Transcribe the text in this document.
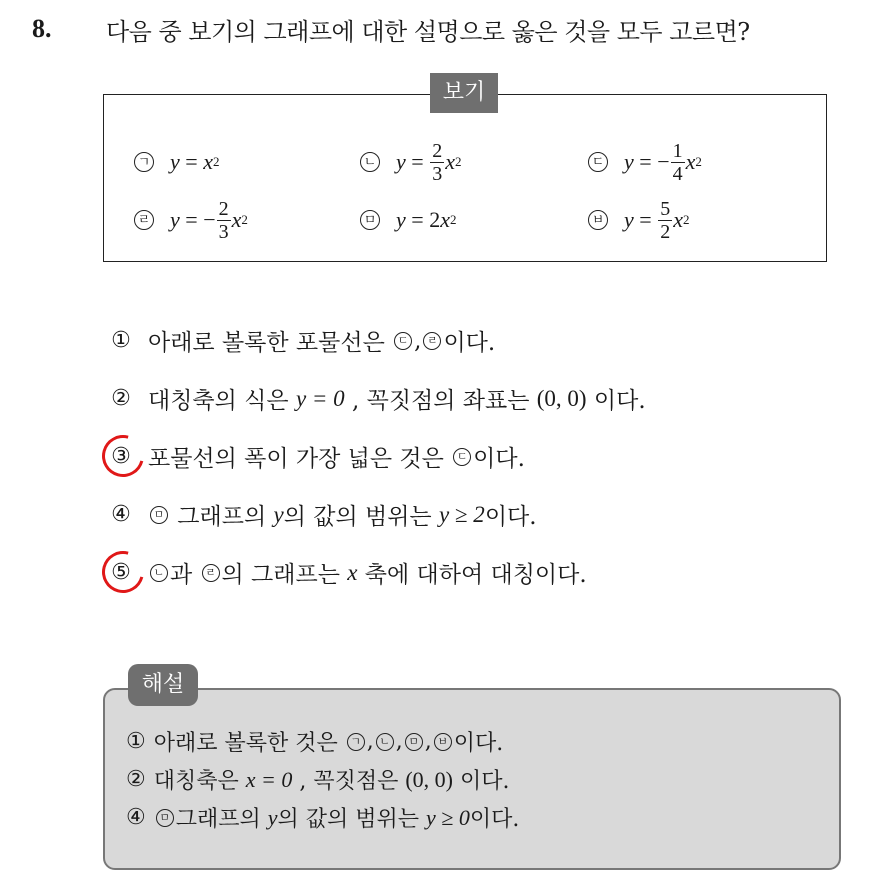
8. 다음 중 보기의 그래프에 대한 설명으로 옳은 것을 모두 고르면?
보기
ㄱ y = x 2	ㄴ $y = \frac{2}{3}$ x 2	ㄷ y = − $\frac{1}{4}$ x 2
ㄹ y = − $\frac{2}{3}$ x 2	ㅁ y = 2 x 2	ㅂ $y = \frac{5}{2}$ x 2
① 아래로 볼록한 포물선은 ㄷ , ㄹ 이다.
② 대칭축의 식은 y = 0 , 꼭짓점의 좌표는 (0, 0) 이다.
③ 포물선의 폭이 가장 넓은 것은 ㄷ 이다.
④	ㅁ 그래프의 y 의 값의 범위는 y ≥ 2 이다.
⑤	ㄴ 과 ㄹ 의 그래프는 x 축에 대하여 대칭이다.
해설
① 아래로 볼록한 것은 ㄱ , ㄴ , ㅁ , ㅂ 이다.
② 대칭축은 x = 0 , 꼭짓점은 (0, 0) 이다.
④	ㅁ 그래프의 y 의 값의 범위는 y ≥ 0 이다.
